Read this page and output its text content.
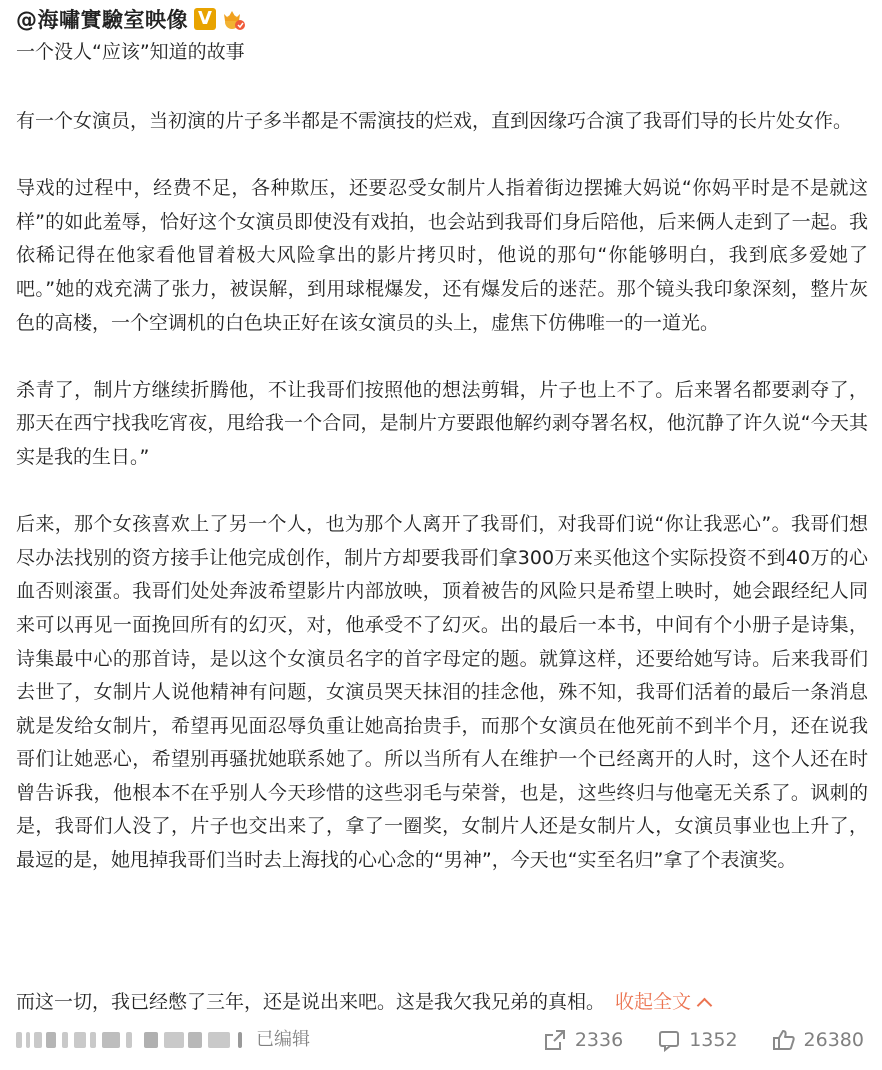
@海嘯實驗室映像 V
一个没人“应该”知道的故事

有一个女演员，当初演的片子多半都是不需演技的烂戏，直到因缘巧合演了我哥们导的长片处女作。

导戏的过程中，经费不足，各种欺压，还要忍受女制片人指着街边摆摊大妈说“你妈平时是不是就这样”的如此羞辱，恰好这个女演员即使没有戏拍，也会站到我哥们身后陪他，后来俩人走到了一起。我依稀记得在他家看他冒着极大风险拿出的影片拷贝时，他说的那句“你能够明白，我到底多爱她了吧。”她的戏充满了张力，被误解，到用球棍爆发，还有爆发后的迷茫。那个镜头我印象深刻，整片灰色的高楼，一个空调机的白色块正好在该女演员的头上，虚焦下仿佛唯一的一道光。

杀青了，制片方继续折腾他，不让我哥们按照他的想法剪辑，片子也上不了。后来署名都要剥夺了，那天在西宁找我吃宵夜，甩给我一个合同，是制片方要跟他解约剥夺署名权，他沉静了许久说“今天其实是我的生日。”

后来，那个女孩喜欢上了另一个人，也为那个人离开了我哥们，对我哥们说“你让我恶心”。我哥们想尽办法找别的资方接手让他完成创作，制片方却要我哥们拿300万来买他这个实际投资不到40万的心血否则滚蛋。我哥们处处奔波希望影片内部放映，顶着被告的风险只是希望上映时，她会跟经纪人同来可以再见一面挽回所有的幻灭，对，他承受不了幻灭。出的最后一本书，中间有个小册子是诗集，诗集最中心的那首诗，是以这个女演员名字的首字母定的题。就算这样，还要给她写诗。后来我哥们去世了，女制片人说他精神有问题，女演员哭天抹泪的挂念他，殊不知，我哥们活着的最后一条消息就是发给女制片，希望再见面忍辱负重让她高抬贵手，而那个女演员在他死前不到半个月，还在说我哥们让她恶心，希望别再骚扰她联系她了。所以当所有人在维护一个已经离开的人时，这个人还在时曾告诉我，他根本不在乎别人今天珍惜的这些羽毛与荣誉，也是，这些终归与他毫无关系了。讽刺的是，我哥们人没了，片子也交出来了，拿了一圈奖，女制片人还是女制片人，女演员事业也上升了，最逗的是，她甩掉我哥们当时去上海找的心心念的“男神”，今天也“实至名归”拿了个表演奖。

而这一切，我已经憋了三年，还是说出来吧。这是我欠我兄弟的真相。 收起全文
已编辑	2336	1352	26380
